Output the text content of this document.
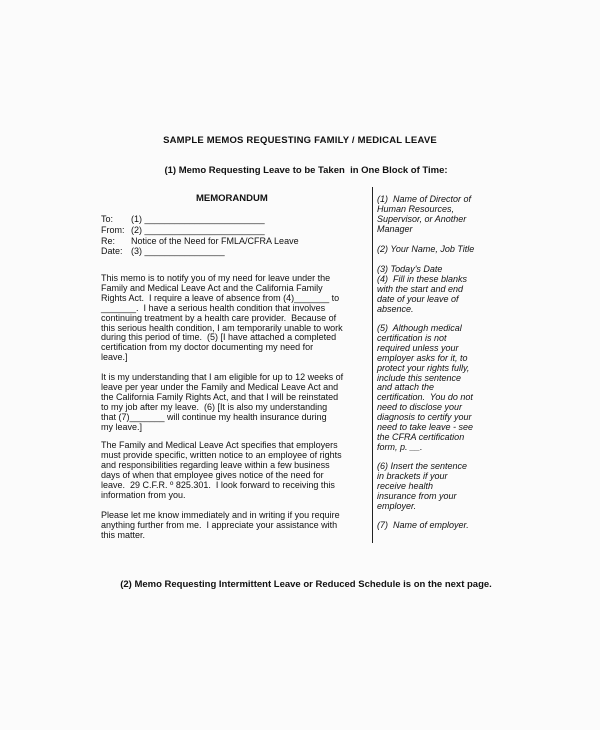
SAMPLE MEMOS REQUESTING FAMILY / MEDICAL LEAVE
(1) Memo Requesting Leave to be Taken  in One Block of Time:
MEMORANDUM
To: (1) ________________________
From: (2) ________________________
Re: Notice of the Need for FMLA/CFRA Leave
Date: (3) ________________
This memo is to notify you of my need for leave under the
Family and Medical Leave Act and the California Family
Rights Act.  I require a leave of absence from (4)_______ to
_______.  I have a serious health condition that involves
continuing treatment by a health care provider.  Because of
this serious health condition, I am temporarily unable to work
during this period of time.  (5) [I have attached a completed
certification from my doctor documenting my need for
leave.]
It is my understanding that I am eligible for up to 12 weeks of
leave per year under the Family and Medical Leave Act and
the California Family Rights Act, and that I will be reinstated
to my job after my leave.  (6) [It is also my understanding
that (7)_______ will continue my health insurance during
my leave.]
The Family and Medical Leave Act specifies that employers
must provide specific, written notice to an employee of rights
and responsibilities regarding leave within a few business
days of when that employee gives notice of the need for
leave.  29 C.F.R. º 825.301.  I look forward to receiving this
information from you.
Please let me know immediately and in writing if you require
anything further from me.  I appreciate your assistance with
this matter.
(1)  Name of Director of
Human Resources,
Supervisor, or Another
Manager
(2) Your Name, Job Title
(3) Today's Date
(4)  Fill in these blanks
with the start and end
date of your leave of
absence.
(5)  Although medical
certification is not
required unless your
employer asks for it, to
protect your rights fully,
include this sentence
and attach the
certification.  You do not
need to disclose your
diagnosis to certify your
need to take leave - see
the CFRA certification
form, p. __.
(6) Insert the sentence
in brackets if your
receive health
insurance from your
employer.
(7)  Name of employer.
(2) Memo Requesting Intermittent Leave or Reduced Schedule is on the next page.
